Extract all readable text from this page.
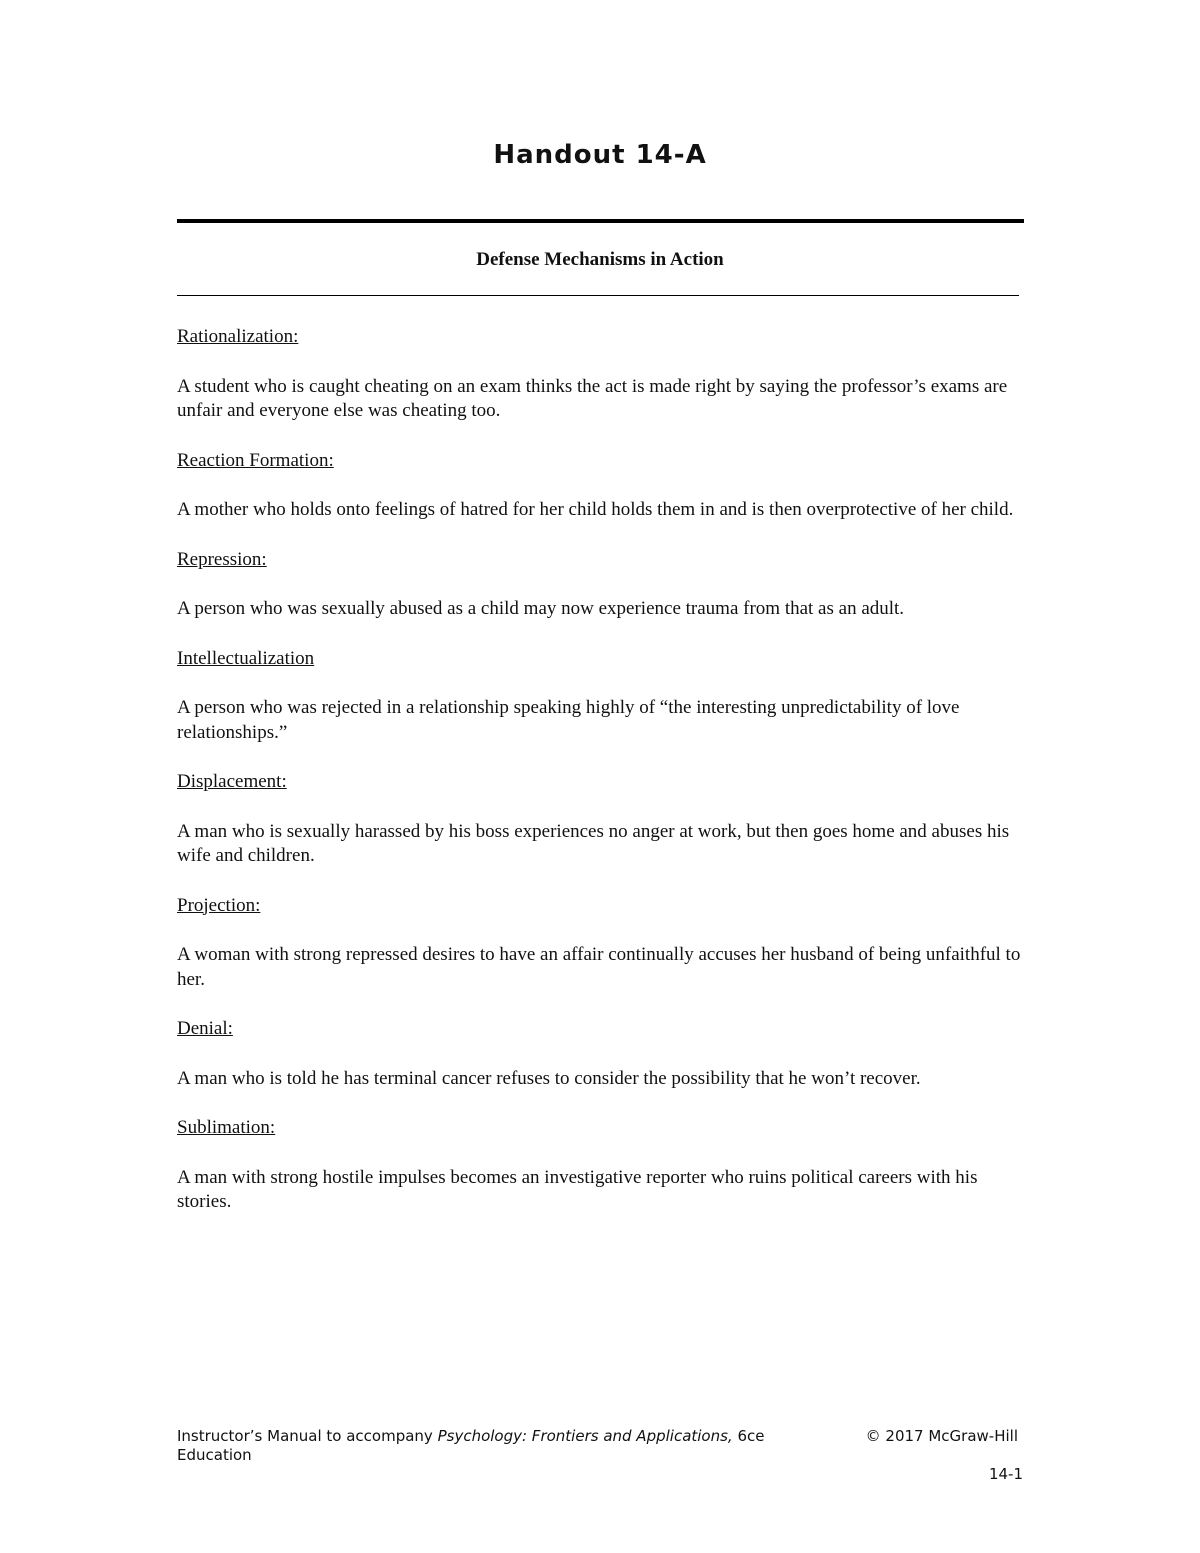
Handout 14-A
Defense Mechanisms in Action

Rationalization:

A student who is caught cheating on an exam thinks the act is made right by saying the professor’s exams are unfair and everyone else was cheating too.

Reaction Formation:

A mother who holds onto feelings of hatred for her child holds them in and is then overprotective of her child.

Repression:

A person who was sexually abused as a child may now experience trauma from that as an adult.

Intellectualization

A person who was rejected in a relationship speaking highly of “the interesting unpredictability of love relationships.”

Displacement:

A man who is sexually harassed by his boss experiences no anger at work, but then goes home and abuses his wife and children.

Projection:

A woman with strong repressed desires to have an affair continually accuses her husband of being unfaithful to her.

Denial:

A man who is told he has terminal cancer refuses to consider the possibility that he won’t recover.

Sublimation:

A man with strong hostile impulses becomes an investigative reporter who ruins political careers with his stories.

Instructor’s Manual to accompany Psychology: Frontiers and Applications, 6ce
Education
© 2017 McGraw-Hill
14-1
